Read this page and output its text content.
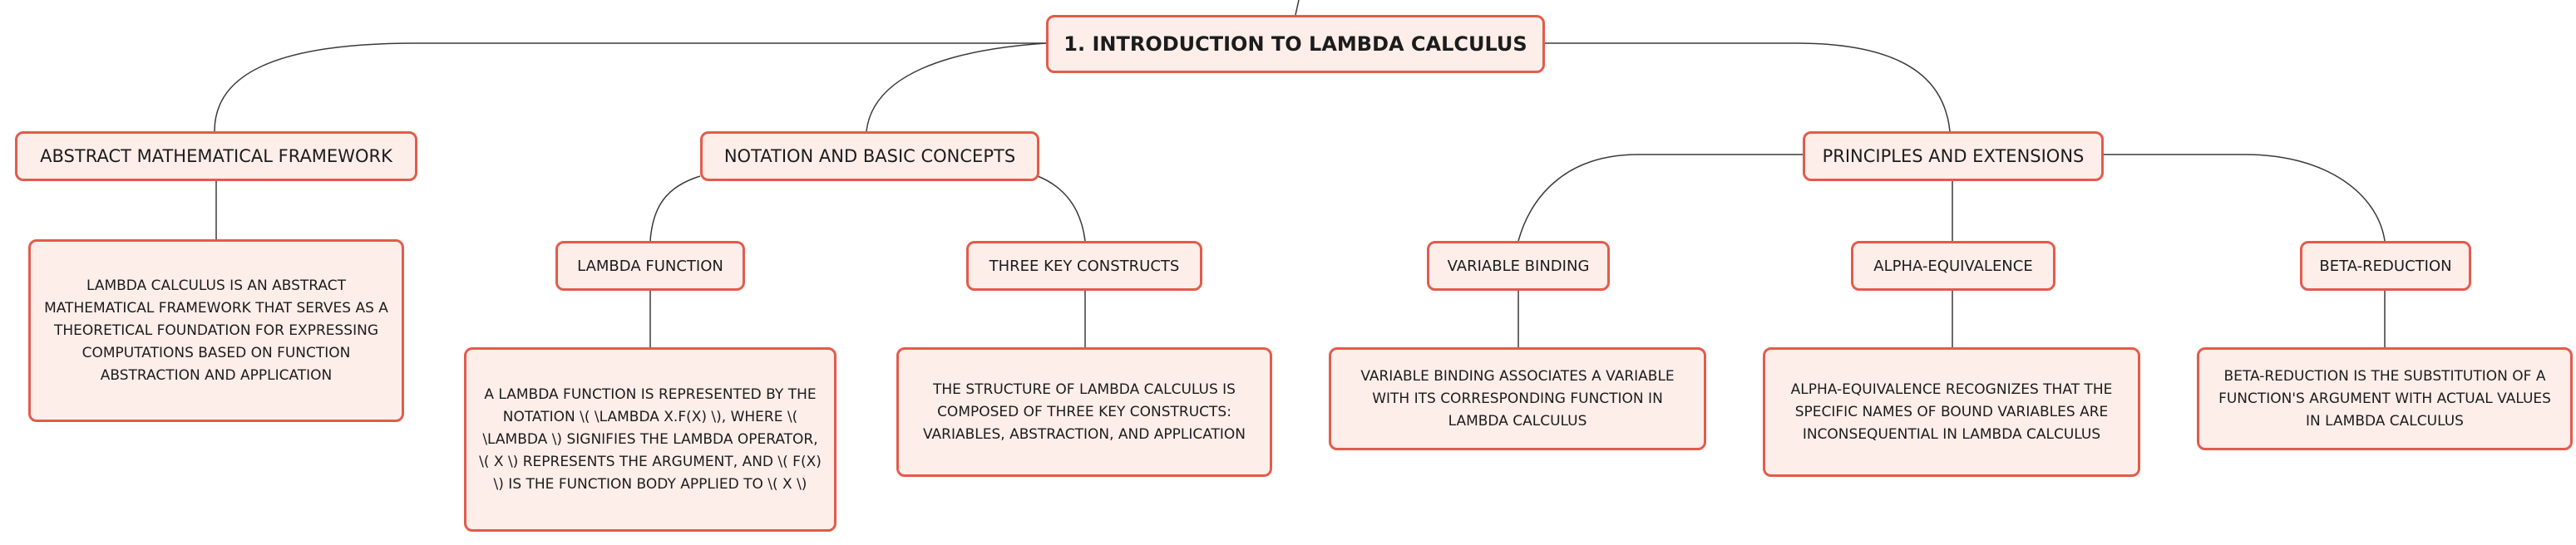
1. INTRODUCTION TO LAMBDA CALCULUS
ABSTRACT MATHEMATICAL FRAMEWORK	NOTATION AND BASIC CONCEPTS	PRINCIPLES AND EXTENSIONS
LAMBDA FUNCTION	THREE KEY CONSTRUCTS	VARIABLE BINDING	ALPHA-EQUIVALENCE	BETA-REDUCTION
LAMBDA CALCULUS IS AN ABSTRACT MATHEMATICAL FRAMEWORK THAT SERVES AS A THEORETICAL FOUNDATION FOR EXPRESSING COMPUTATIONS BASED ON FUNCTION ABSTRACTION AND APPLICATION
A LAMBDA FUNCTION IS REPRESENTED BY THE NOTATION \( \LAMBDA X.F(X) \), WHERE \( \LAMBDA \) SIGNIFIES THE LAMBDA OPERATOR, \( X \) REPRESENTS THE ARGUMENT, AND \( F(X) \) IS THE FUNCTION BODY APPLIED TO \( X \)
THE STRUCTURE OF LAMBDA CALCULUS IS COMPOSED OF THREE KEY CONSTRUCTS: VARIABLES, ABSTRACTION, AND APPLICATION
VARIABLE BINDING ASSOCIATES A VARIABLE WITH ITS CORRESPONDING FUNCTION IN LAMBDA CALCULUS
ALPHA-EQUIVALENCE RECOGNIZES THAT THE SPECIFIC NAMES OF BOUND VARIABLES ARE INCONSEQUENTIAL IN LAMBDA CALCULUS
BETA-REDUCTION IS THE SUBSTITUTION OF A FUNCTION'S ARGUMENT WITH ACTUAL VALUES IN LAMBDA CALCULUS
